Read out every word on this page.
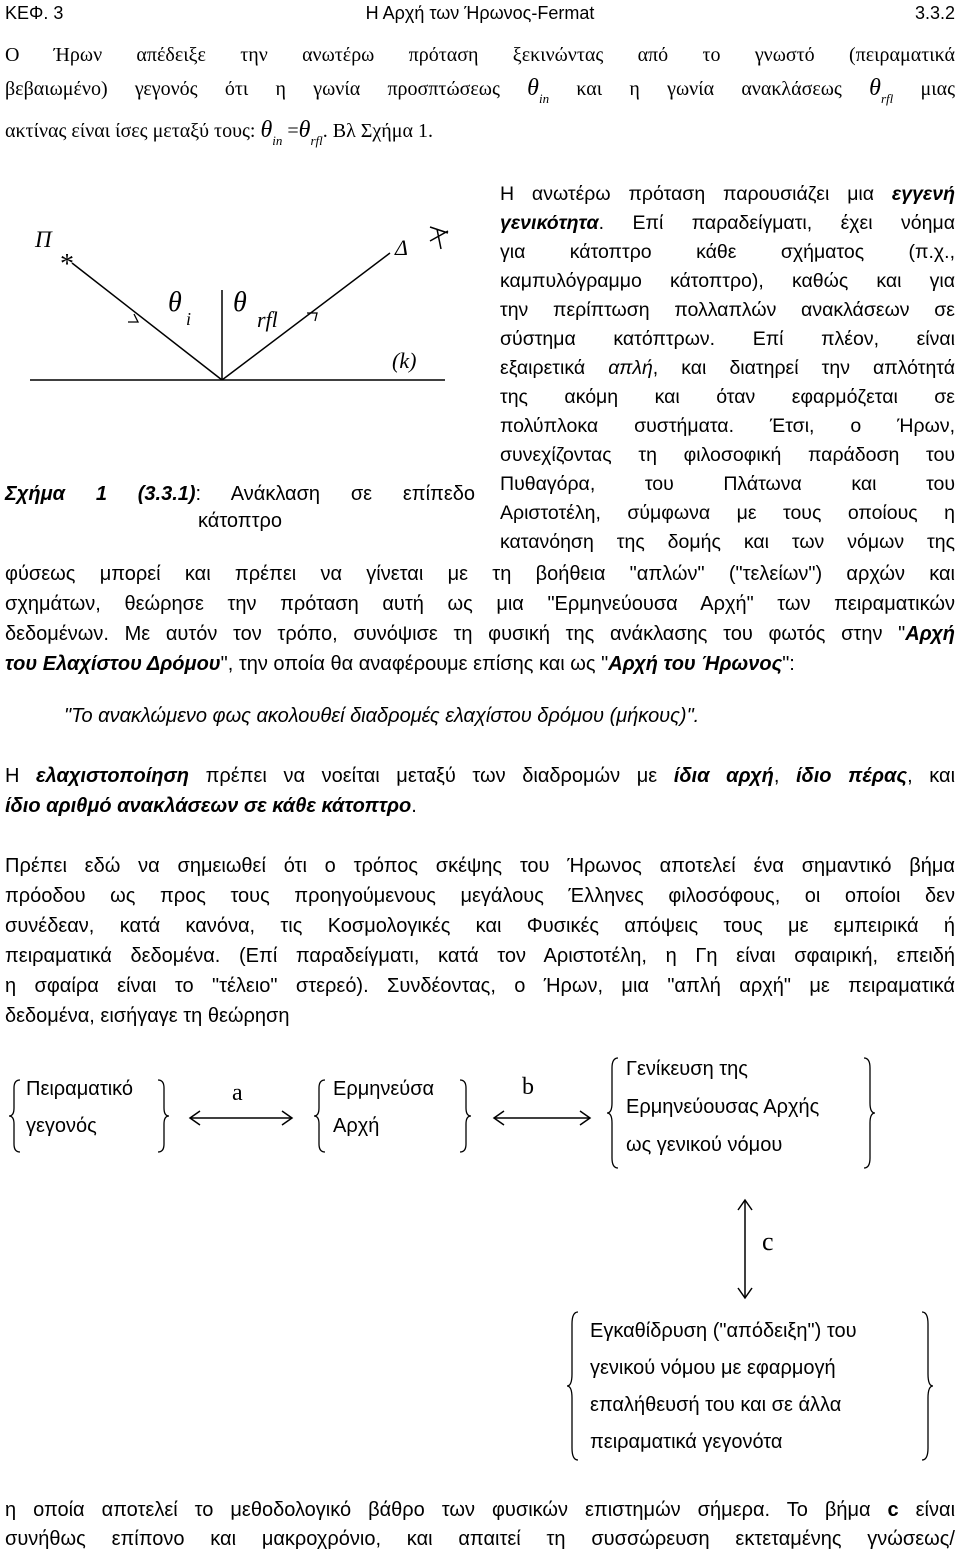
ΚΕΦ. 3	Η Αρχή των Ήρωνος-Fermat	3.3.2
Ο Ήρων απέδειξε την ανωτέρω πρόταση ξεκινώντας από το γνωστό (πειραματικά
βεβαιωμένο) γεγονός ότι η γωνία προσπτώσεως $\theta_{in}$ και η γωνία ανακλάσεως $\theta_{rfl}$ μιας
ακτίνας είναι ίσες μεταξύ τους: $\theta_{in} =\theta_{rfl}$. Βλ Σχήμα 1.
Π
*
Δ
θ
i
θ
rfl
(k)
Σχήμα 1 (3.3.1): Ανάκλαση σε επίπεδο
κάτοπτρο
Η ανωτέρω πρόταση παρουσιάζει μια εγγενή
γενικότητα. Επί παραδείγματι, έχει νόημα
για κάτοπτρο κάθε σχήματος (π.χ.,
καμπυλόγραμμο κάτοπτρο), καθώς και για
την περίπτωση πολλαπλών ανακλάσεων σε
σύστημα κατόπτρων. Επί πλέον, είναι
εξαιρετικά απλή, και διατηρεί την απλότητά
της ακόμη και όταν εφαρμόζεται σε
πολύπλοκα συστήματα. Έτσι, ο Ήρων,
συνεχίζοντας τη φιλοσοφική παράδοση του
Πυθαγόρα, του Πλάτωνα και του
Αριστοτέλη, σύμφωνα με τους οποίους η
κατανόηση της δομής και των νόμων της
φύσεως μπορεί και πρέπει να γίνεται με τη βοήθεια "απλών" ("τελείων") αρχών και
σχημάτων, θεώρησε την πρόταση αυτή ως μια "Ερμηνεύουσα Αρχή" των πειραματικών
δεδομένων. Με αυτόν τον τρόπο, συνόψισε τη φυσική της ανάκλασης του φωτός στην "Αρχή
του Ελαχίστου Δρόμου", την οποία θα αναφέρουμε επίσης και ως "Αρχή του Ήρωνος":
"Το ανακλώμενο φως ακολουθεί διαδρομές ελαχίστου δρόμου (μήκους)".
Η ελαχιστοποίηση πρέπει να νοείται μεταξύ των διαδρομών με ίδια αρχή, ίδιο πέρας, και
ίδιο αριθμό ανακλάσεων σε κάθε κάτοπτρο.
Πρέπει εδώ να σημειωθεί ότι ο τρόπος σκέψης του Ήρωνος αποτελεί ένα σημαντικό βήμα
πρόοδου ως προς τους προηγούμενους μεγάλους Έλληνες φιλοσόφους, οι οποίοι δεν
συνέδεαν, κατά κανόνα, τις Κοσμολογικές και Φυσικές απόψεις τους με εμπειρικά ή
πειραματικά δεδομένα. (Επί παραδείγματι, κατά τον Αριστοτέλη, η Γη είναι σφαιρική, επειδή
η σφαίρα είναι το "τέλειο" στερεό). Συνδέοντας, ο Ήρων, μια "απλή αρχή" με πειραματικά
δεδομένα, εισήγαγε τη θεώρηση
a	b
c
Πειραματικό
γεγονός
Ερμηνεύσα
Αρχή
Γενίκευση της
Ερμηνεύουσας Αρχής
ως γενικού νόμου
Εγκαθίδρυση ("απόδειξη") του
γενικού νόμου με εφαρμογή
επαλήθευσή του και σε άλλα
πειραματικά γεγονότα
η οποία αποτελεί το μεθοδολογικό βάθρο των φυσικών επιστημών σήμερα. Το βήμα c είναι
συνήθως επίπονο και μακροχρόνιο, και απαιτεί τη συσσώρευση εκτεταμένης γνώσεως/
